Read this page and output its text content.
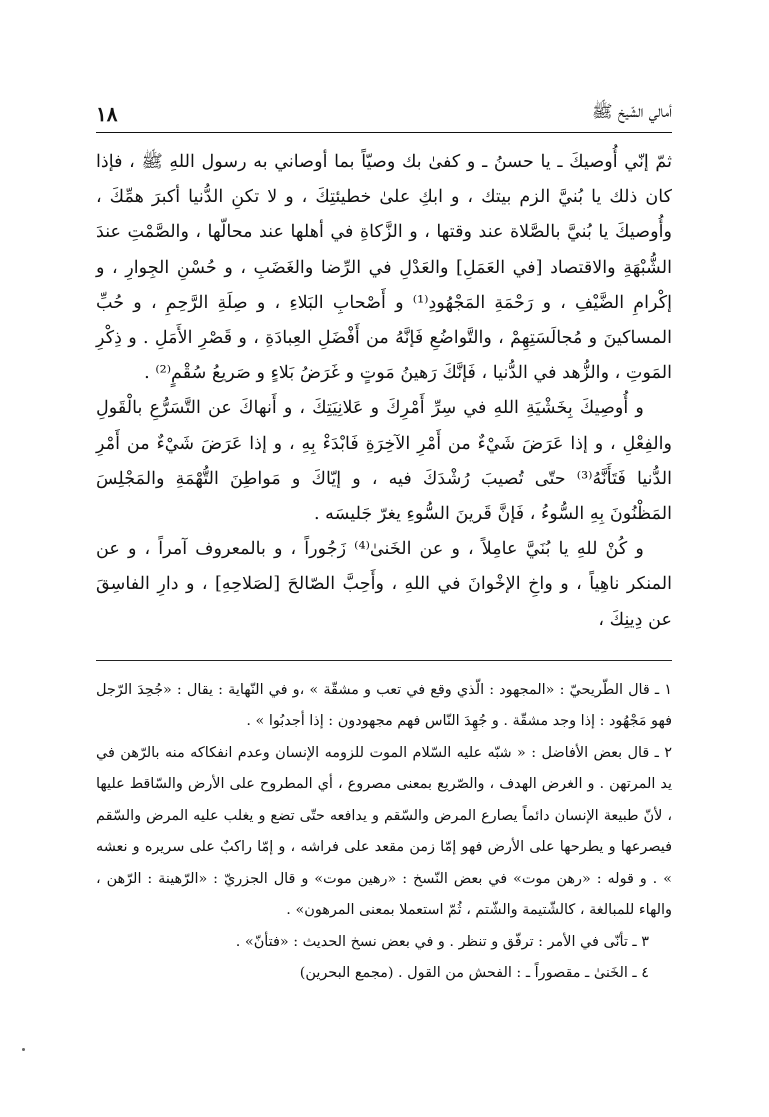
أمالي الشّيخ ﷺ
١٨

ثمّ إنّي أُوصيكَ ـ يا حسنُ ـ و كفىٰ بك وصيّاً بما أوصاني به رسول اللهِ ﷺ ، فإذا كان ذلك يا بُنيَّ الزم بيتك ، و ابكِ علىٰ خطيئتِكَ ، و لا تكنِ الدُّنيا أكبرَ همِّكَ ، وأُوصيكَ يا بُنيَّ بالصَّلاة عند وقتها ، و الزَّكاةِ في أهلها عند محالّها ، والصَّمْتِ عندَ الشُّبْهَةِ والاقتصاد [في العَمَلِ] والعَدْلِ في الرِّضا والغَضَبِ ، و حُسْنِ الجِوارِ ، و إكْرامِ الضَّيْفِ ، و رَحْمَةِ المَجْهُودِ⁽¹⁾ و أَصْحابِ البَلاءِ ، و صِلَةِ الرَّحِمِ ، و حُبِّ المساكينَ و مُجالَسَتِهِمْ ، والتَّواضُعِ فَإنَّهُ من أَفْضَلِ العِبادَةِ ، و قَصْرِ الأَمَلِ . و ذِكْرِ المَوتِ ، والزُّهد في الدُّنيا ، فَإنَّكَ رَهينُ مَوتٍ و غَرَضُ بَلاءٍ و صَريعُ سُقْمٍ⁽²⁾ .

و أُوصِيكَ بِخَشْيَةِ اللهِ في سِرِّ أَمْرِكَ و عَلانِيَتِكَ ، و أَنهاكَ عن التَّسَرُّعِ بالْقَولِ والفِعْلِ ، و إذا عَرَضَ شَيْءٌ من أَمْرِ الآخِرَةِ فَابْدَءْ بِهِ ، و إذا عَرَضَ شَيْءٌ من أَمْرِ الدُّنيا فَتَأَنَّهُ⁽³⁾ حتّى تُصيبَ رُشْدَكَ فيه ، و إيّاكَ و مَواطِنَ التُّهْمَةِ والمَجْلِسَ المَظْنُونَ بِهِ السُّوءُ ، فَإنَّ قَرينَ السُّوءِ يغرّ جَليسَه .

و كُنْ للهِ يا بُنَيَّ عامِلاً ، و عن الخَنىٰ⁽⁴⁾ زَجُوراً ، و بالمعروف آمراً ، و عن المنكر ناهِياً ، و واخِ الإخْوانَ في اللهِ ، وأَحِبَّ الصّالحَ [لصَلاحِهِ] ، و دارِ الفاسِقَ عن دِينِكَ ،

١ ـ قال الطّريحيّ : «المجهود : الّذي وقع في تعب و مشقّة » ،و في النّهاية : يقال : «جُحِدَ الرّجل فهو مَجْهُود : إذا وجد مشقّة . و جُهِدَ النّاس فهم مجهودون : إذا أجدبُوا » .

٢ ـ قال بعض الأفاضل : « شبّه عليه السّلام الموت للزومه الإنسان وعدم انفكاكه منه بالرّهن في يد المرتهن . و الغرض الهدف ، والصّريع بمعنى مصروع ، أي المطروح على الأرض والسّاقط عليها ، لأنّ طبيعة الإنسان دائماً يصارع المرض والسّقم و يدافعه حتّى تضع و يغلب عليه المرض والسّقم فيصرعها و يطرحها على الأرض فهو إمّا زمن مقعد على فراشه ، و إمّا راكبٌ على سريره و نعشه » . و قوله : «رهن موت» في بعض النّسخ : «رهين موت» و قال الجزريّ : «الرّهينة : الرّهن ، والهاء للمبالغة ، كالشّتيمة والشّتم ، ثُمّ استعملا بمعنى المرهون» .

٣ ـ تأنّى في الأمر : ترفّق و تنظر . و في بعض نسخ الحديث : «فتأنّ» .

٤ ـ الخَنىٰ ـ مقصوراً ـ : الفحش من القول . (مجمع البحرين)
